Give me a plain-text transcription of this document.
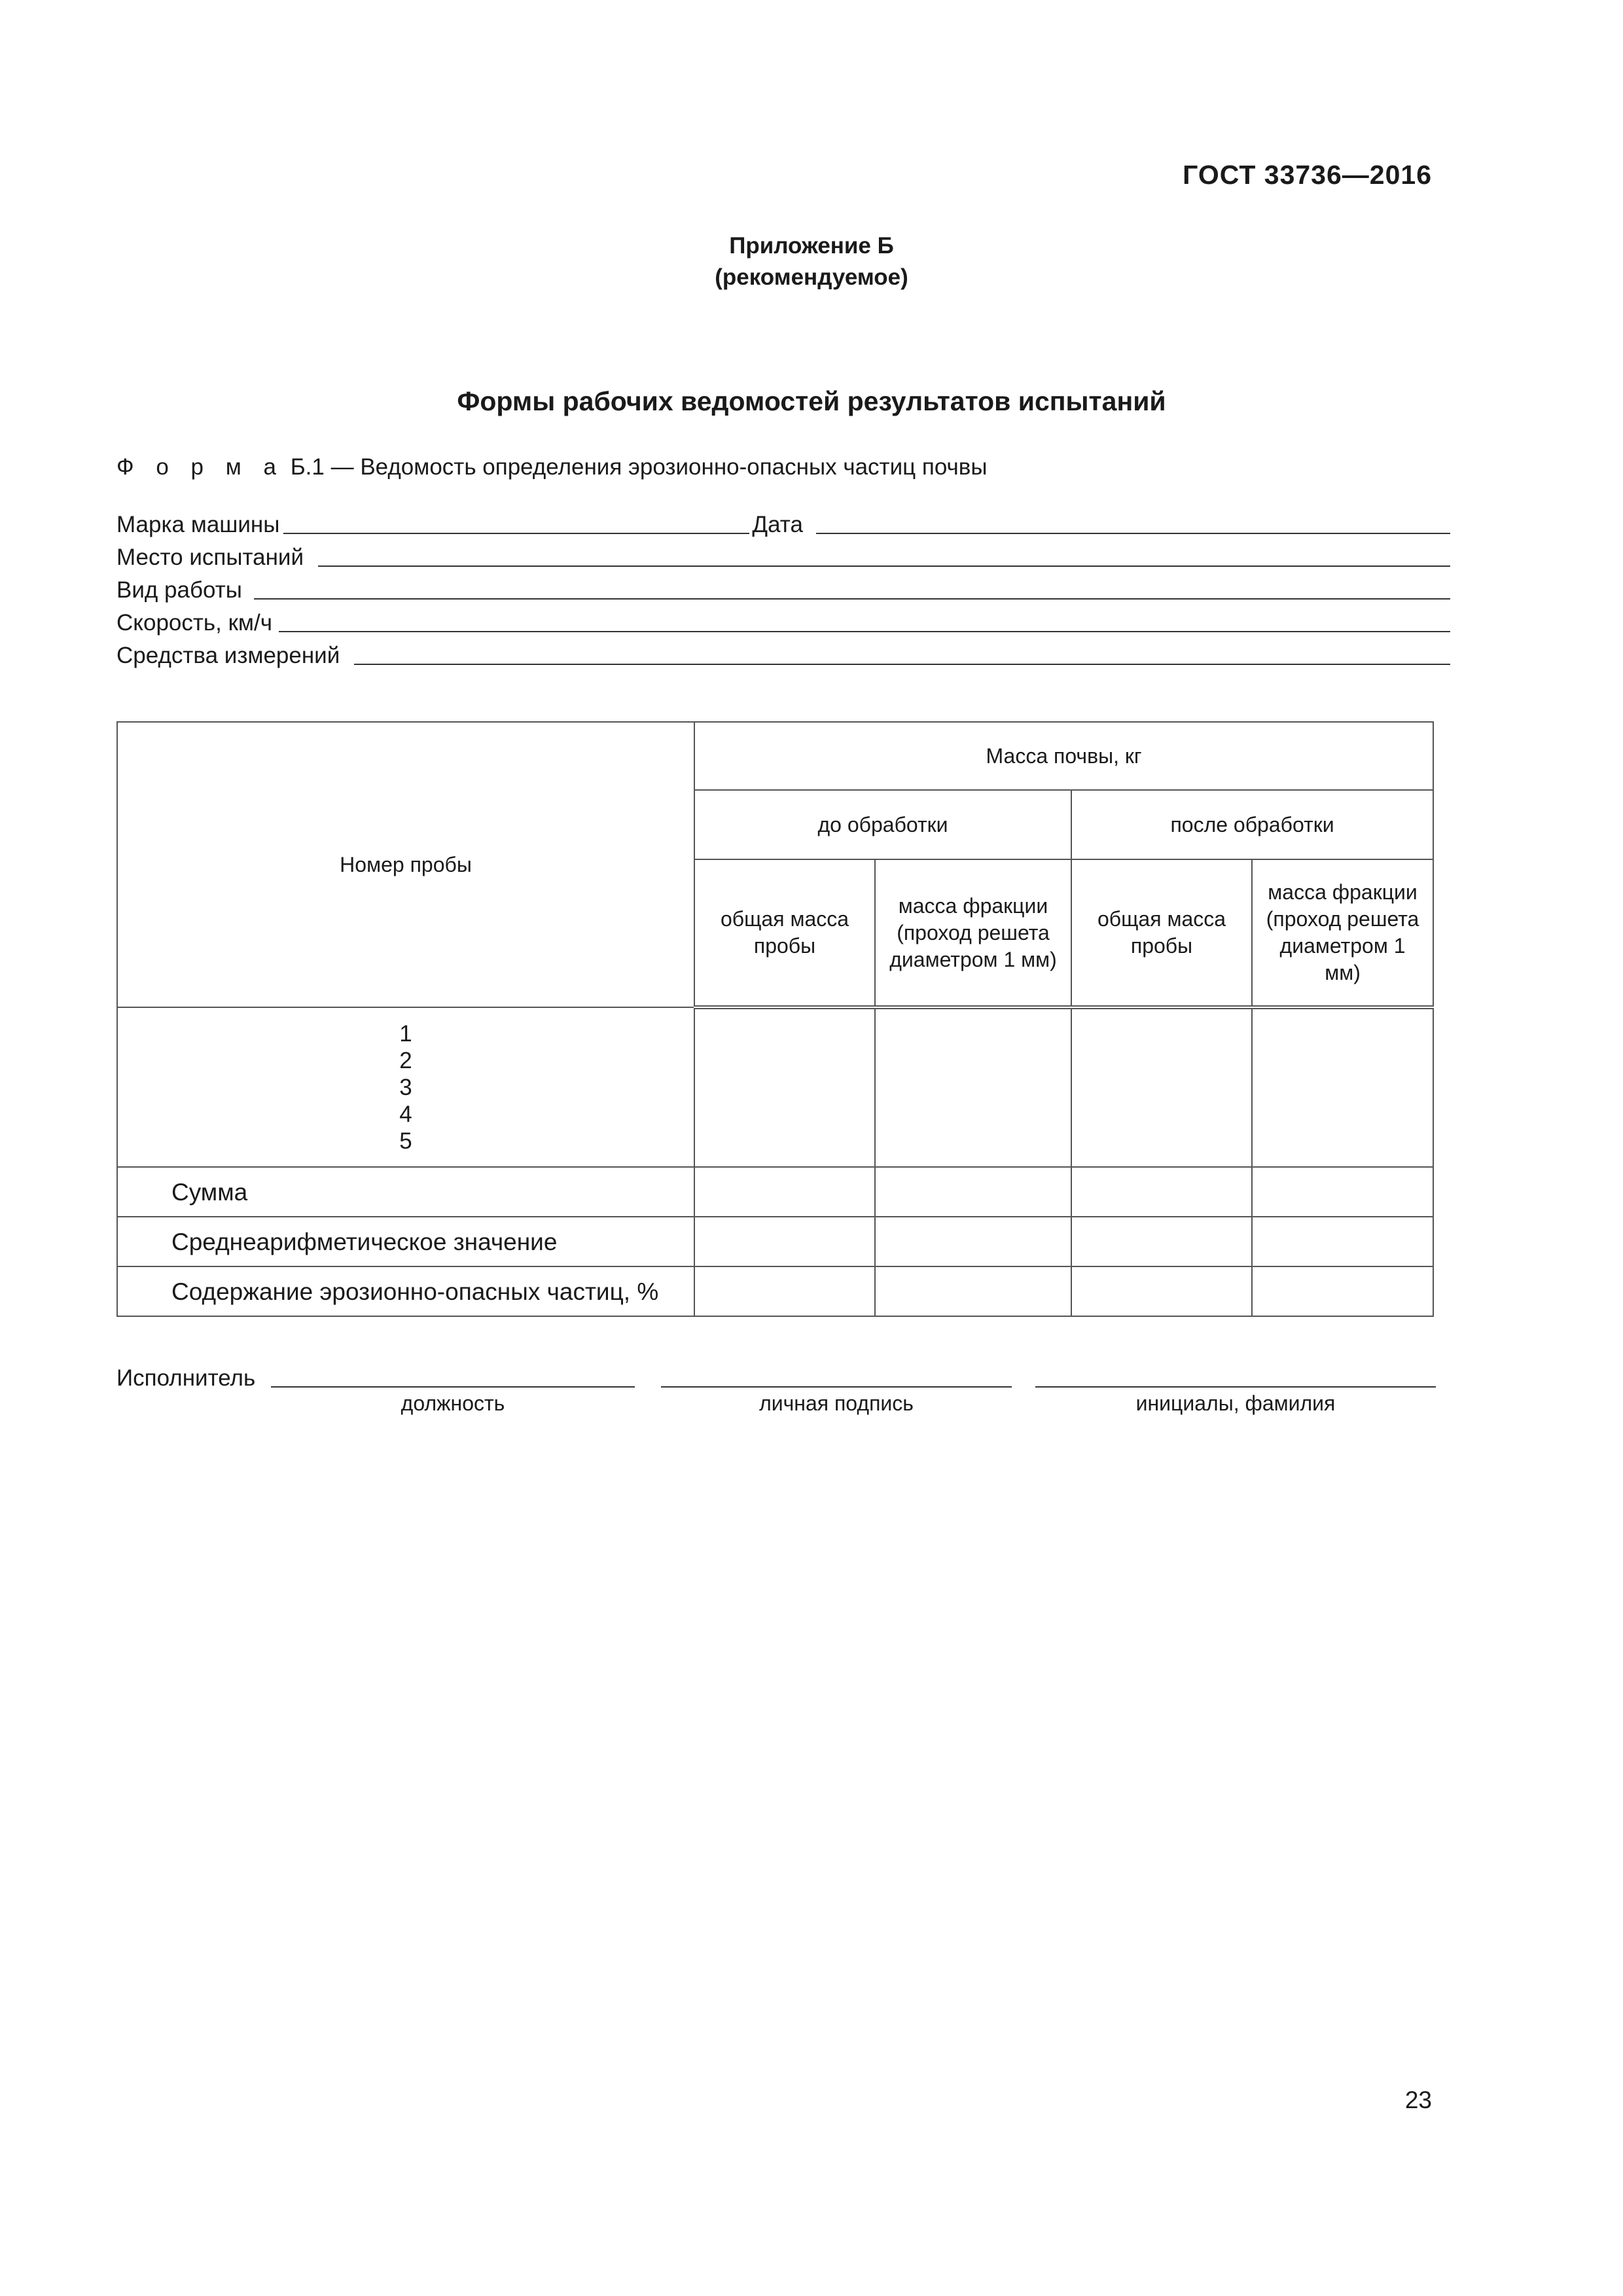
ГОСТ 33736—2016
Приложение Б
(рекомендуемое)
Формы рабочих ведомостей результатов испытаний
Ф о р м а Б.1 — Ведомость определения эрозионно-опасных частиц почвы
Марка машины	Дата
Место испытаний
Вид работы
Скорость, км/ч
Средства измерений
Номер пробы	Масса почвы, кг			
	до обработки		после обработки	
	общая масса пробы	масса фракции (проход решета диаметром 1 мм)	общая масса пробы	масса фракции (проход решета диаметром 1 мм)

1
2
3
4
5				

Сумма				
Среднеарифметическое значение				
Содержание эрозионно-опасных частиц, %				
Исполнитель
должность	личная подпись	инициалы, фамилия
23
